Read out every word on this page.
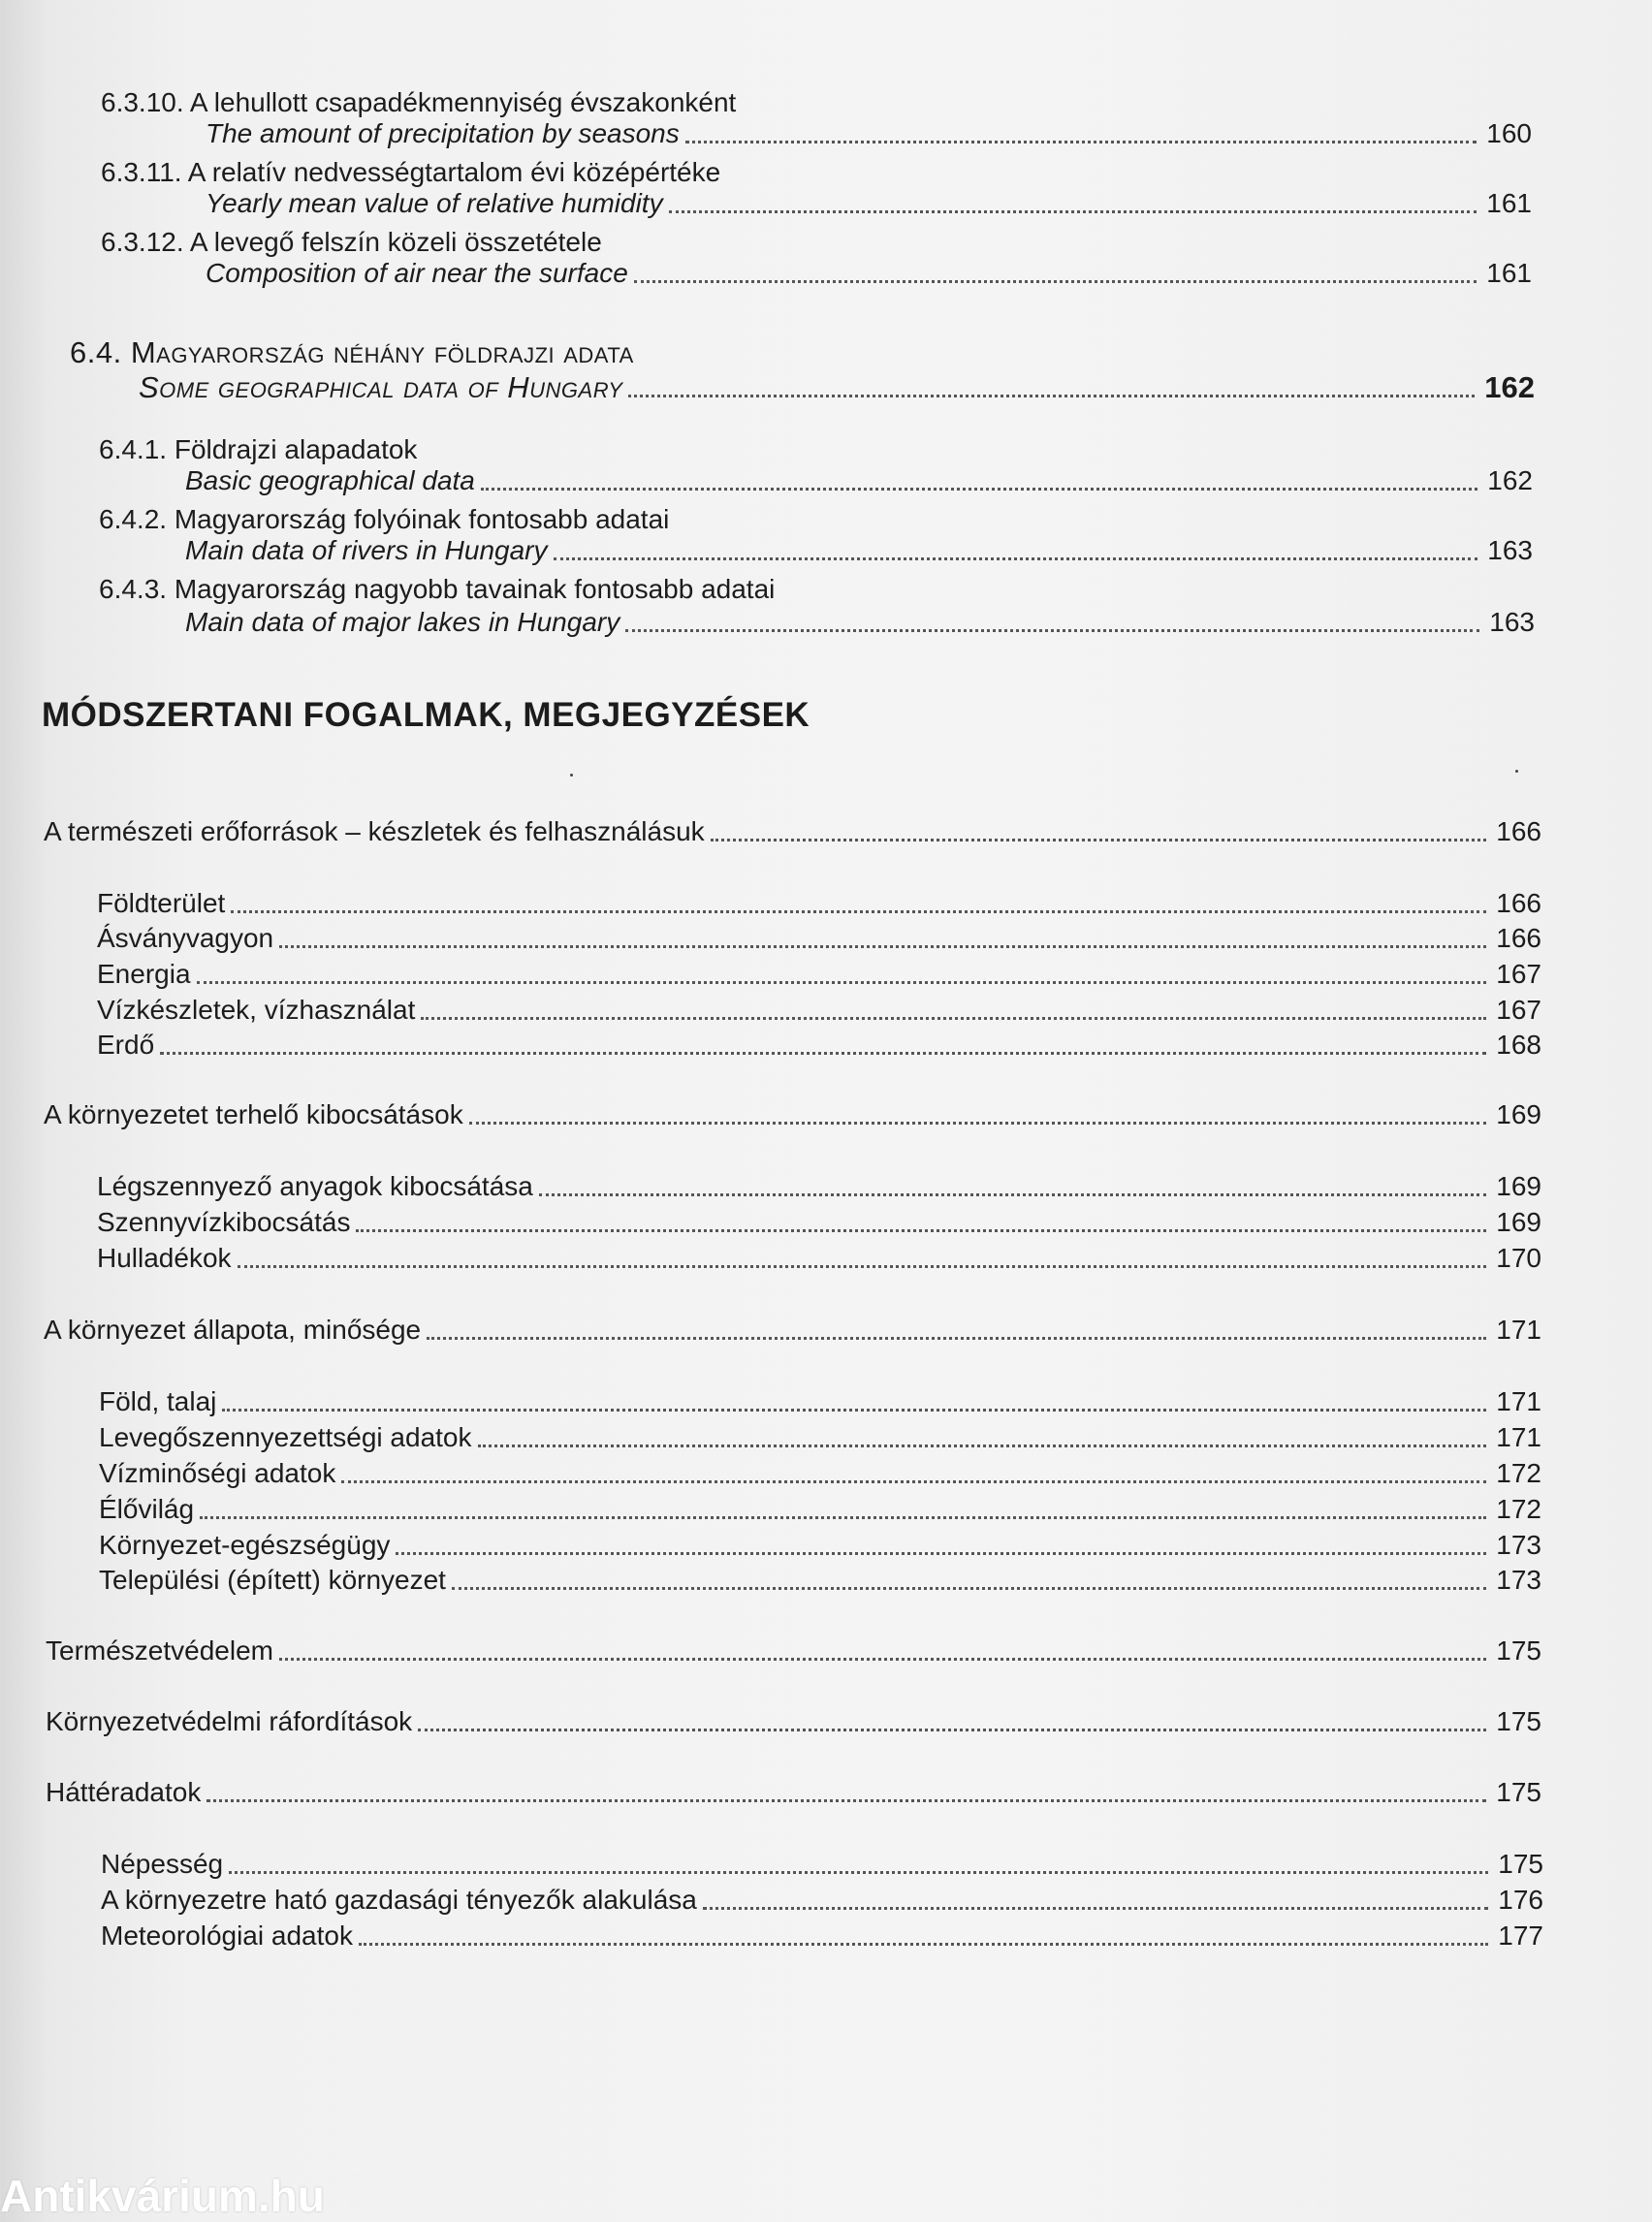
6.3.10. A lehullott csapadékmennyiség évszakonként
The amount of precipitation by seasons	160
6.3.11. A relatív nedvességtartalom évi középértéke
Yearly mean value of relative humidity	161
6.3.12. A levegő felszín közeli összetétele
Composition of air near the surface	161
6.4. Magyarország néhány földrajzi adata
Some geographical data of Hungary	162
6.4.1. Földrajzi alapadatok
Basic geographical data	162
6.4.2. Magyarország folyóinak fontosabb adatai
Main data of rivers in Hungary	163
6.4.3. Magyarország nagyobb tavainak fontosabb adatai
Main data of major lakes in Hungary	163
MÓDSZERTANI FOGALMAK, MEGJEGYZÉSEK
A természeti erőforrások – készletek és felhasználásuk	166
Földterület	166
Ásványvagyon	166
Energia	167
Vízkészletek, vízhasználat	167
Erdő	168
A környezetet terhelő kibocsátások	169
Légszennyező anyagok kibocsátása	169
Szennyvízkibocsátás	169
Hulladékok	170
A környezet állapota, minősége	171
Föld, talaj	171
Levegőszennyezettségi adatok	171
Vízminőségi adatok	172
Élővilág	172
Környezet-egészségügy	173
Települési (épített) környezet	173
Természetvédelem	175
Környezetvédelmi ráfordítások	175
Háttéradatok	175
Népesség	175
A környezetre ható gazdasági tényezők alakulása	176
Meteorológiai adatok	177
Antikvárium.hu
